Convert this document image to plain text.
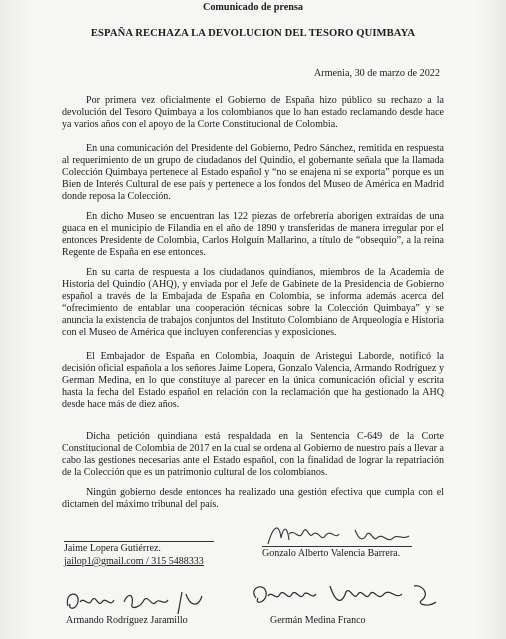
Comunicado de prensa
ESPAÑA RECHAZA LA DEVOLUCION DEL TESORO QUIMBAYA
Armenia, 30 de marzo de 2022

Por primera vez oficialmente el Gobierno de España hizo público su rechazo a la devolución del Tesoro Quimbaya a los colombianos que lo han estado reclamando desde hace ya varios años con el apoyo de la Corte Constitucional de Colombia.

En una comunicación del Presidente del Gobierno, Pedro Sánchez, remitida en respuesta al requerimiento de un grupo de ciudadanos del Quindío, el gobernante señala que la llamada Colección Quimbaya pertenece al Estado español y “no se enajena ni se exporta” porque es un Bien de Interés Cultural de ese país y pertenece a los fondos del Museo de América en Madrid donde reposa la Colección.

En dicho Museo se encuentran las 122 piezas de orfebrería aborigen extraídas de una guaca en el municipio de Filandia en el año de 1890 y transferidas de manera irregular por el entonces Presidente de Colombia, Carlos Holguín Mallarino, a título de “obsequio”, a la reina Regente de España en ese entonces.

En su carta de respuesta a los ciudadanos quindianos, miembros de la Academia de Historia del Quindío (AHQ), y enviada por el Jefe de Gabinete de la Presidencia de Gobierno español a través de la Embajada de España en Colombia, se informa además acerca del “ofrecimiento de entablar una cooperación técnicas sobre la Colección Quimbaya” y se anuncia la existencia de trabajos conjuntos del Instituto Colombiano de Arqueología e Historia con el Museo de América que incluyen conferencias y exposiciones.

El Embajador de España en Colombia, Joaquín de Aristegui Laborde, notificó la decisión oficial española a los señores Jaime Lopera, Gonzalo Valencia, Armando Rodríguez y German Medina, en lo que constituye al parecer en la única comunicación oficial y escrita hasta la fecha del Estado español en relación con la reclamación que ha gestionado la AHQ desde hace más de diez años.

Dicha petición quindiana está respaldada en la Sentencia C-649 de la Corte Constitucional de Colombia de 2017 en la cual se ordena al Gobierno de nuestro país a llevar a cabo las gestiones necesarias ante el Estado español, con la finalidad de lograr la repatriación de la Colección que es un patrimonio cultural de los colombianos.

Ningún gobierno desde entonces ha realizado una gestión efectiva que cumpla con el dictamen del máximo tribunal del país.

Jaime Lopera Gutiérrez.
jailop1@gmail.com / 315 5488333
Gonzalo Alberto Valencia Barrera.
Armando Rodríguez Jaramillo	Germán Medina Franco
